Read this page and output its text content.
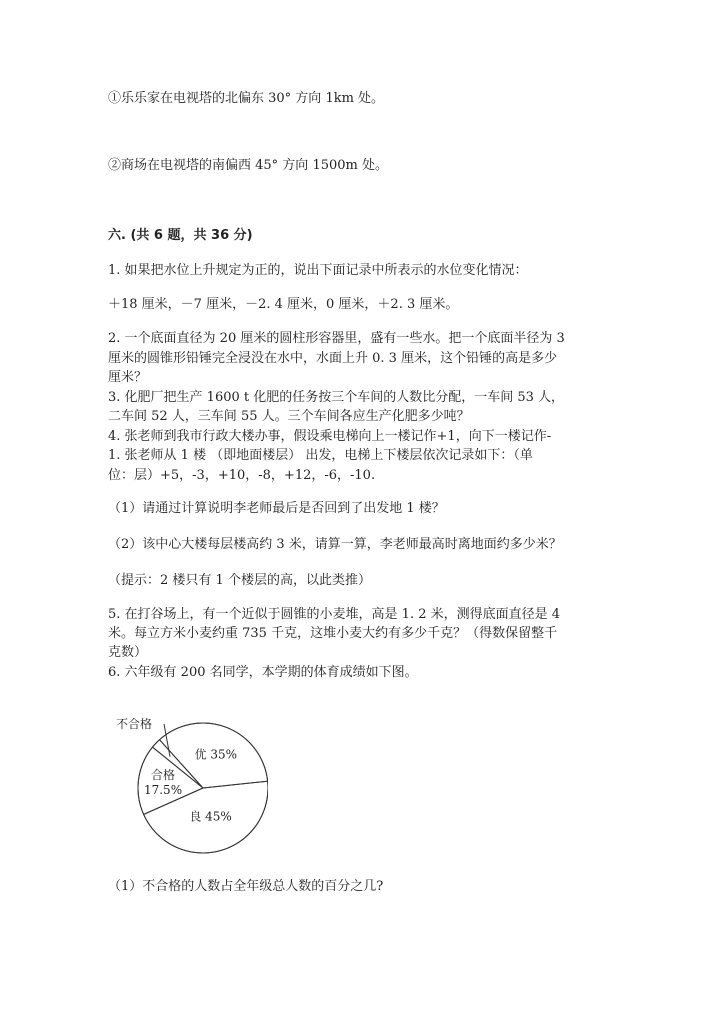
①乐乐家在电视塔的北偏东 30° 方向 1km 处。
②商场在电视塔的南偏西 45° 方向 1500m 处。
六. (共 6 题，共 36 分)
1. 如果把水位上升规定为正的，说出下面记录中所表示的水位变化情况：
＋18 厘米，－7 厘米，－2. 4 厘米，0 厘米，＋2. 3 厘米。
2. 一个底面直径为 20 厘米的圆柱形容器里，盛有一些水。把一个底面半径为 3
厘米的圆锥形铅锤完全浸没在水中，水面上升 0. 3 厘米，这个铅锤的高是多少
厘米？
3. 化肥厂把生产 1600 t 化肥的任务按三个车间的人数比分配，一车间 53 人，
二车间 52 人，三车间 55 人。三个车间各应生产化肥多少吨？
4. 张老师到我市行政大楼办事，假设乘电梯向上一楼记作+1，向下一楼记作-
1. 张老师从 1 楼 （即地面楼层） 出发，电梯上下楼层依次记录如下：（单
位：层）+5，-3，+10，-8，+12，-6，-10.
（1）请通过计算说明李老师最后是否回到了出发地 1 楼？
（2）该中心大楼每层楼高约 3 米，请算一算，李老师最高时离地面约多少米？
（提示：2 楼只有 1 个楼层的高，以此类推）
5. 在打谷场上，有一个近似于圆锥的小麦堆，高是 1. 2 米，测得底面直径是 4
米。每立方米小麦约重 735 千克，这堆小麦大约有多少千克？（得数保留整千
克数）
6. 六年级有 200 名同学，本学期的体育成绩如下图。
优 35%
良 45%
合格
17.5%
不合格
（1）不合格的人数占全年级总人数的百分之几?
